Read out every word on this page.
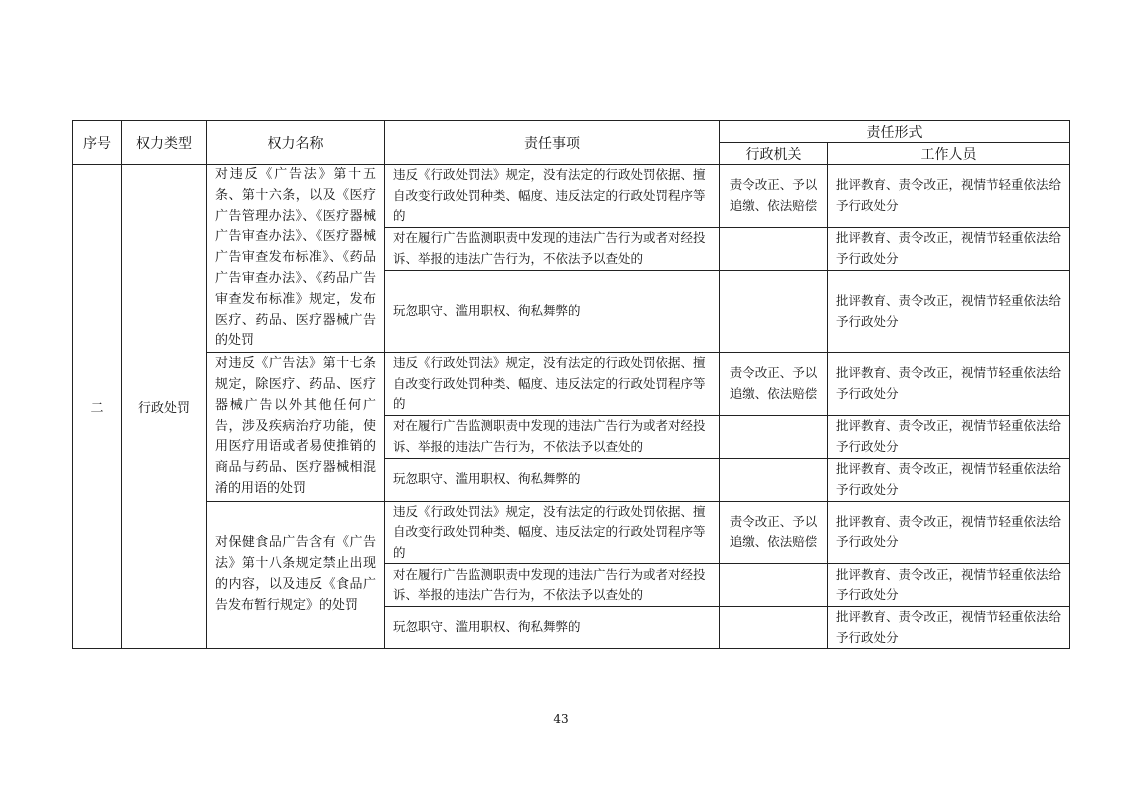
序号	权力类型	权力名称	责任事项	责任形式	
				行政机关	工作人员
二	行政处罚	对违反《广告法》第十五条、第十六条，以及《医疗广告管理办法》、《医疗器械广告审查办法》、《医疗器械广告审查发布标准》、《药品广告审查办法》、《药品广告审查发布标准》规定，发布医疗、药品、医疗器械广告的处罚	违反《行政处罚法》规定，没有法定的行政处罚依据、擅自改变行政处罚种类、幅度、违反法定的行政处罚程序等的	责令改正、予以追缴、依法赔偿	批评教育、责令改正，视情节轻重依法给予行政处分
			对在履行广告监测职责中发现的违法广告行为或者对经投诉、举报的违法广告行为，不依法予以查处的		批评教育、责令改正，视情节轻重依法给予行政处分
			玩忽职守、滥用职权、徇私舞弊的		批评教育、责令改正，视情节轻重依法给予行政处分
		对违反《广告法》第十七条规定，除医疗、药品、医疗器械广告以外其他任何广告，涉及疾病治疗功能，使用医疗用语或者易使推销的商品与药品、医疗器械相混淆的用语的处罚	违反《行政处罚法》规定，没有法定的行政处罚依据、擅自改变行政处罚种类、幅度、违反法定的行政处罚程序等的	责令改正、予以追缴、依法赔偿	批评教育、责令改正，视情节轻重依法给予行政处分
			对在履行广告监测职责中发现的违法广告行为或者对经投诉、举报的违法广告行为，不依法予以查处的		批评教育、责令改正，视情节轻重依法给予行政处分
			玩忽职守、滥用职权、徇私舞弊的		批评教育、责令改正，视情节轻重依法给予行政处分
		对保健食品广告含有《广告法》第十八条规定禁止出现的内容，以及违反《食品广告发布暂行规定》的处罚	违反《行政处罚法》规定，没有法定的行政处罚依据、擅自改变行政处罚种类、幅度、违反法定的行政处罚程序等的	责令改正、予以追缴、依法赔偿	批评教育、责令改正，视情节轻重依法给予行政处分
			对在履行广告监测职责中发现的违法广告行为或者对经投诉、举报的违法广告行为，不依法予以查处的		批评教育、责令改正，视情节轻重依法给予行政处分
			玩忽职守、滥用职权、徇私舞弊的		批评教育、责令改正，视情节轻重依法给予行政处分
43
